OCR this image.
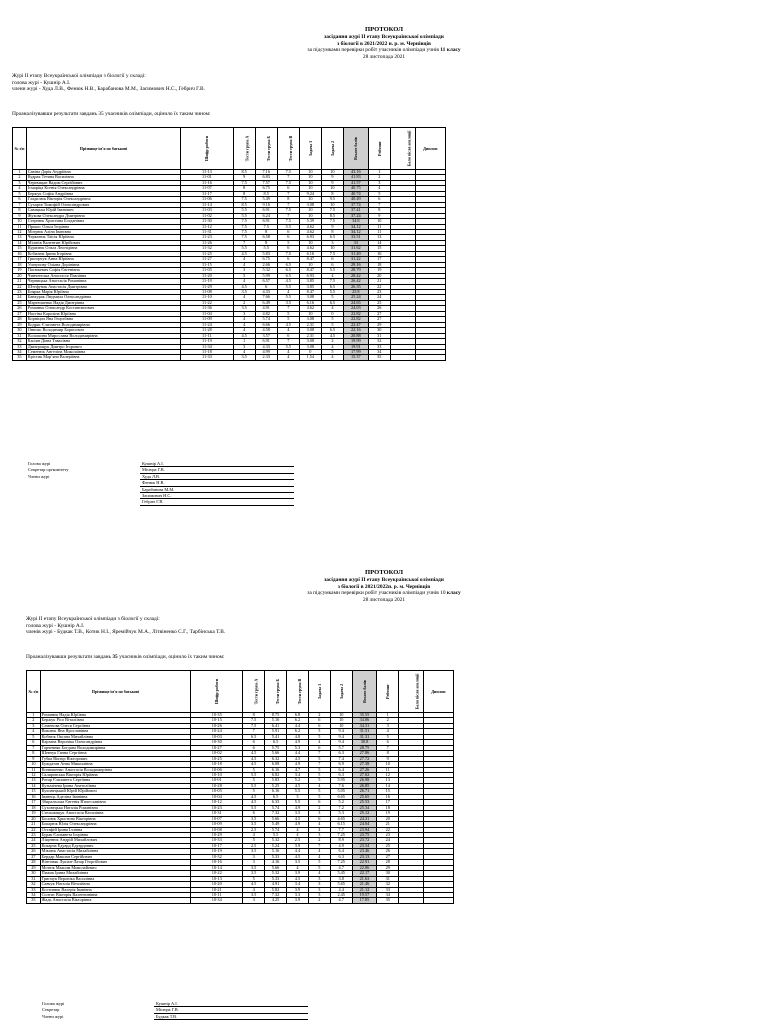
ПРОТОКОЛ
засідання журі ІІ етапу Всеукраїнської олімпіади
з біології в 2021/2022 н. р. м. Чернівців
за підсумками перевірки робіт учасників олімпіади учнів 11 класу
28 листопада 2021
Журі ІІ етапу Всеукраїнської олімпіади з біології у складі:
голова журі - Кушнір А.І.
члени журі - Худа Л.В., Фенюк Н.В., Барабанова М.М., Засимович Н.С., Гебрич Г.В.
Проаналізувавши результати завдань 35 учасників олімпіади, оцінило їх таким чином:
№ з/п	Прізвище ім'я по батькові	Шифр роботи	Тести група А	Тести група Б	Тести група В	Задача 1	Задача 2	Всього балів	Рейтинг	Бали після апеляції	Диплом
1	Савіна Дарія Андріївна	11-13	8.5	7.16	7.5	10	10	43.16	1		
2	Кудрак Тетяна Василівна	11-01	9	6.83	7	10	9	41.83	2		
3	Черевицан Вадим Сергійович	11-16	7.5	7.57	7.5	10	9	41.57	3		
4	Ісмаріца Ксенія Олександрівна	11-07	8	6.75	6	10	10	40.75	4		
5	Бержук Софія Андріївна	11-17	8	8.5	7	9.24	8	40.74	5		
6	Гладилюк Вікторія Олександрівна	11-06	7.5	5.49	8	10	9.5	40.49	6		
7	Сухарєв Тимофій Олександрович	11-14	8.5	9.16	7	3.08	10	37.74	7		
8	Савицька Юрій Іванович	11-03	5.5	6.91	7.5	10	7.5	37.41	8		
9	Жукова Олександра Дмитрівна	11-02	5.5	6.24	7	10	8.5	37.24	9		
10	Стернюк Христина Богданівна	11-30	7.5	6.91	7.5	5.39	7.5	34.8	10		
11	Прокос Ольга Ігорівна	11-12	7.5	7.5	5.5	4.62	9	34.12	11		
12	Мотрюк Аліна Іванівна	11-31	7.5	8	6	4.62	8	34.12	11		
13	Черкатюк Таїсія Юріївна	11-23	7.5	6.58	6	6.93	6.5	33.51	13		
14	Мілінів Валентин Юрійович	11-26	7	8	5	10	3	33	14		
15	Курилюк Ольга Леонідівна	11-32	5.5	5.5	6	4.62	10	31.62	15		
16	Кобилюк Ірина Ігорівна	11-25	4.5	5.83	7.5	6.16	7.5	31.49	16		
17	Григорчук Анна Юріївна	11-27	4	6.75	6	8.47	6	31.22	17		
18	Ушчупову Оліана Дорінівна	11-15	4	2.66	6.5	10	6	29.16	18		
19	Пасюкевич Софія Євгенівна	11-05	3	5.32	6.5	8.47	5.5	28.79	19		
20	Чинченська Анастасія Павлівна	11-20	5	5.99	6.5	6.93	4	28.42	20		
21	Черницька Анастасія Романівна	11-19	4	6.57	4.5	3.85	7.5	26.42	21		
22	Штефунак Анастасія Дмитрівна	11-29	4.5	6	5.5	3.85	6.5	26.35	22		
23	Боярка Марія Юріївна	11-08	3.5	4.33	4	8.47	5.5	25.8	23		
24	Банкурак Людмила Олександрівна	11-10	4	7.66	5.5	3.08	5	25.24	24		
25	Мартюшенко Надія Дмитрівна	11-22	2	6.49	3.5	6.16	6.5	24.65	25		
26	Романюк Олександр Костянтинович	11-36	3.5	4.91	7	4.62	4	24.03	26		
27	Настіна Кароліна Юріївна	11-04	3	4.82	5	10	0	22.82	27		
28	Корніцич Яна Георгіївна	11-09	4	5.74	5	3.08	5	22.82	27		
29	Кодряс Єлизавета Володимирівна	11-24	4	6.66	4.5	2.31	5	22.47	29		
30	Ониско Володимир Борисович	11-28	4	4.58	4	3.08	6.5	22.16	30		
31	Волошина Мирослава Володимирівна	11-11	4.5	3.57	6	2.31	4.5	20.88	31		
32	Касіян Діана Тавасівна	11-19	1	6.91	7	3.08	2	19.99	32		
33	Дмитращук Дмитро Ігорович	11-34	3	4.33	5.5	3.08	4	19.91	33		
34	Семенюк Ангеліна Миколаївна	11-18	4	4.99	4	0	5	17.99	34		
35	Крістик Марʼяна Валеріївна	11-33	3.5	2.33	4	1.54	4	15.37	35		
Голова журі	Кушнір А.І.
Секретар оргкомітету	Місюра Г.В.
Члени журі	Худа Л.В.
	Фенюк Н.В.
	Барабанова М.М.
	Засимович Н.С.
	Гебрич Г.В.
ПРОТОКОЛ
засідання журі ІІ етапу Всеукраїнської олімпіади
з біології в 2021/2022н. р. м. Чернівців
за підсумками перевірки робіт учасників олімпіади учнів 10 класу
28 листопада 2021
Журі ІІ етапу Всеукраїнської олімпіади з біології у складі:
голова журі - Кушнір А.І.
членів журі - Будкак Т.В., Котик Н.І., Яремійчук М.А., Літвіненко С.Г., Тарбінська Т.В.
Проаналізувавши результати завдань 35 учасників олімпіади, оцінило їх таким чином:
№ з/п	Прізвище ім'я по батькові	Шифр роботи	Тести група А	Тести група Б	Тести група В	Задача 1	Задача 2	Всього балів	Рейтинг	Бали після апеляції	Диплом
1	Романюк Надія Юріївна	10-35	8	8.75	6.8	2	10	35.55	1		
2	Бержук Рісо Віталіївна	10-15	7.5	5.16	6.2	6	10	34.86	2		
3	Семенова Олеся Сергіївна	10-26	7.5	6.41	4.4	6	10	34.31	3		
4	Виклюк Яна Ярославівна	10-24	7	5.91	6.2	3	9.4	31.51	4		
5	Кобзюк Оксана Михайлівна	10-03	6.5	5.41	4.8	5	9.4	31.31	5		
6	Карзана Вероніка Олександрівна	10-30	6	6.5	4.9	4	9.4	30.8	6		
7	Гарчевняк Богдана Володимирівна	10-27	6	5.75	5.3	6	5.7	28.75	7		
8	Шевчук Ганна Сергіївна	10-02	4.5	5.66	4.4	7	6.3	27.86	8		
9	Губка Віктор Вікторович	10-25	4.5	6.32	4.5	5	7.4	27.72	9		
10	Буждатан Анна Миколаївна	10-18	4.5	6.08	4.9	7	6.9	27.38	10		
11	Конюшенко Анастасія Володимирівна	10-06	5	6.16	4.7	5	6.4	27.26	11		
12	Скляровська Вікторія Юріївна	10-10	5.5	6.82	3.4	5	6.3	27.02	12		
13	Ротар Єлизавета Сергіївна	10-01	5	5.83	5.2	5	5.95	26.98	13		
14	Кузьмічева Ірина Анатоліївна	10-28	5.5	5.25	4.5	4	7.6	26.85	14		
15	Кулинецький Юрій Юрійович	10-05	5	6.16	5.5	5	5.05	26.71	15		
16	Іванець Аделіна Іванівна	10-04	4.5	6.5	3	5	6.65	25.65	16		
17	Збиральська Євгенія В'ячеславівна	10-12	4.5	6.33	5.5	6	5.2	25.53	17		
18	Суховецька Наталія Романівна	10-23	5.5	5.74	4.9	2	7.2	25.34	18		
19	Стельмащук Анастасія Василівна	10-31	6	7.32	3.5	3	5.3	25.12	19		
20	Босиюк Христина Вікторівна	10-07	3.5	5.66	4.5	6	4.65	24.31	20		
21	Бокарюк Юлія Олександрівна	10-09	3.5	5.49	4.9	4	6.15	24.04	21		
22	Остафій Ірина Іллівна	10-08	2.5	5.74	4	4	7.7	23.94	22		
23	Бурак Єлизавета Ігорівна	10-29	4	5.5	4	3	7.25	23.75	23		
24	Ліщенюк Андрій Михайлович	10-33	5	5.32	2.5	2	8.9	23.72	24		
25	Кокарча Едуард Едуардович	10-17	2.5	5.24	3.9	7	4.9	23.54	25		
26	Мікаюк Анастасія Михайлівна	10-19	3.5	5.16	4.4	4	6.4	23.46	26		
27	Бердар Максим Сергійович	10-32	3	5.33	4.5	4	6.3	23.13	27		
28	Вінтоняк Лукіан-Лазар Георгійович	10-16	3	4.16	3.5	5	7.25	22.91	28		
29	Мотюк Максим Миколайович	10-14	3.5	5.66	4	5	4.7	22.86	29		
30	Пижак Ірина Михайлівна	10-22	3.5	5.32	3.9	4	5.45	22.17	30		
31	Грипчук Вероніка Василівна	10-13	5	5.33	4.5	3	3.8	21.63	31		
32	Савчук Наталія Віталіївна	10-20	4.5	4.91	3.4	3	5.65	21.46	32		
33	Костинюк Валерія Іванівна	10-21	4	5.82	3.9	3	4.4	21.12	33		
34	Солтис Вікторія Валентинівна	10-11	3.5	7.32	3.3	3	2.45	19.57	34		
35	Жадь Анастасія Вікторівна	10-34	3	4.25	3.9	2	4.7	17.85	35		
Голова журі	Кушнір А.І.
Секретар	Місюра Г.В.
Члени журі	Будкак Т.В.
